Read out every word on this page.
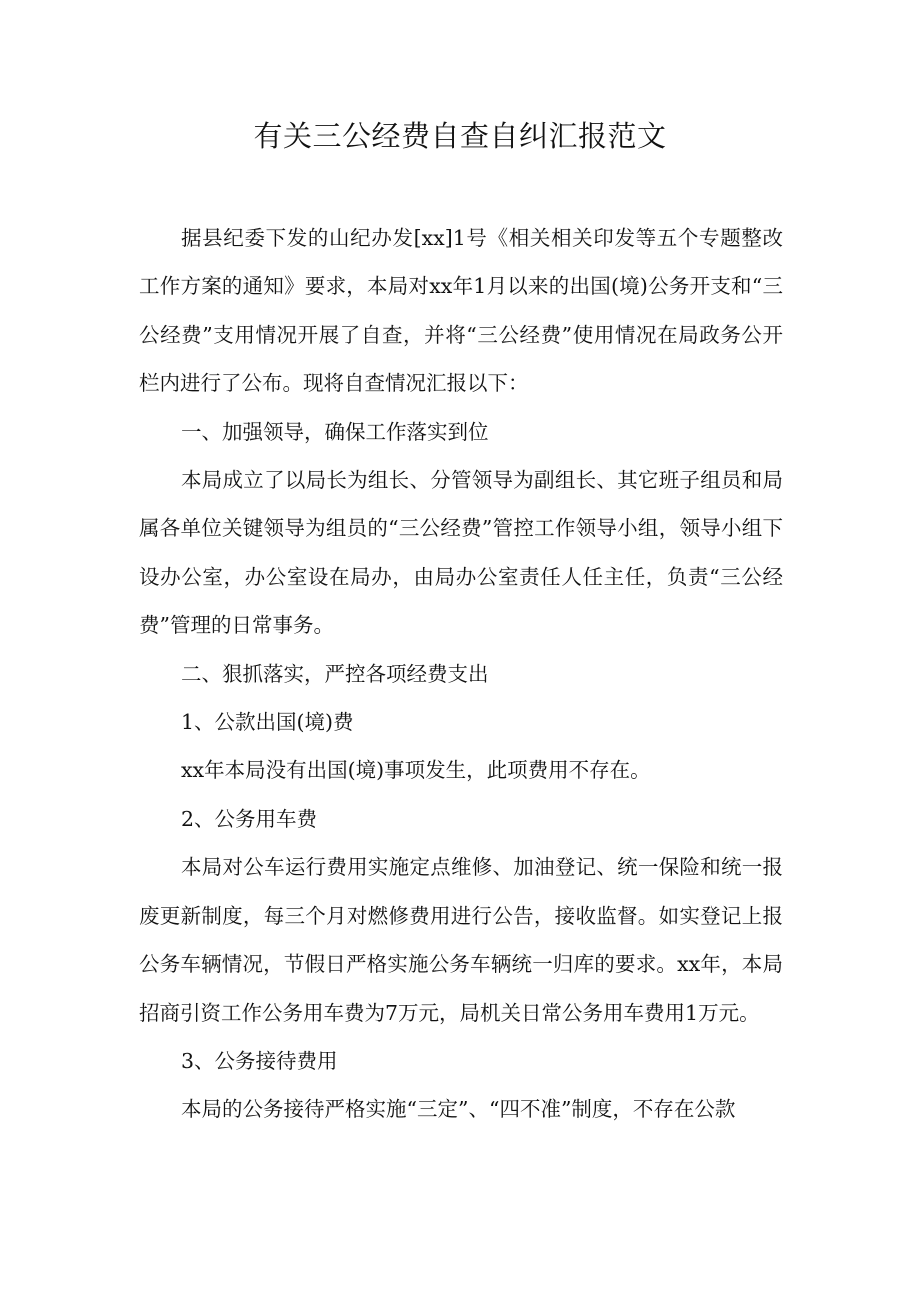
有关三公经费自查自纠汇报范文

据县纪委下发的山纪办发[xx]1号《相关相关印发等五个专题整改工作方案的通知》要求，本局对xx年1月以来的出国(境)公务开支和“三公经费”支用情况开展了自查，并将“三公经费”使用情况在局政务公开栏内进行了公布。现将自查情况汇报以下：

一、加强领导，确保工作落实到位

本局成立了以局长为组长、分管领导为副组长、其它班子组员和局属各单位关键领导为组员的“三公经费”管控工作领导小组，领导小组下设办公室，办公室设在局办，由局办公室责任人任主任，负责“三公经费”管理的日常事务。

二、狠抓落实，严控各项经费支出

1、公款出国(境)费

xx年本局没有出国(境)事项发生，此项费用不存在。

2、公务用车费

本局对公车运行费用实施定点维修、加油登记、统一保险和统一报废更新制度，每三个月对燃修费用进行公告，接收监督。如实登记上报公务车辆情况，节假日严格实施公务车辆统一归库的要求。xx年，本局招商引资工作公务用车费为7万元，局机关日常公务用车费用1万元。

3、公务接待费用

本局的公务接待严格实施“三定”、“四不准”制度，不存在公款
